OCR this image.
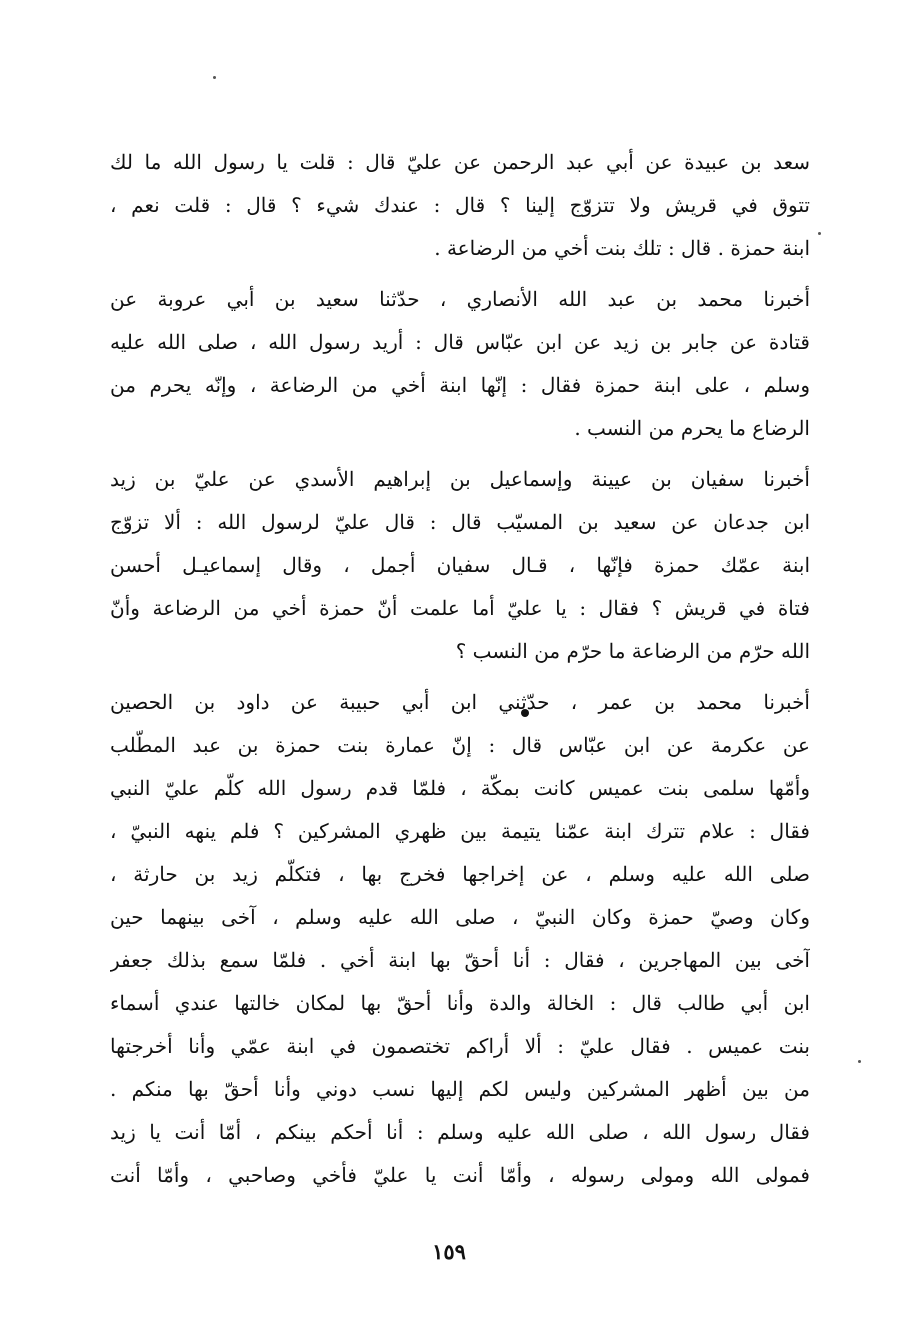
سعد بن عبيدة عن أبي عبد الرحمن عن عليّ قال : قلت يا رسول الله ما لك
تتوق في قريش ولا تتزوّج إلينا ؟ قال : عندك شيء ؟ قال : قلت نعم ،
ابنة حمزة . قال : تلك بنت أخي من الرضاعة .
أخبرنا محمد بن عبد الله الأنصاري ، حدّثنا سعيد بن أبي عروبة عن
قتادة عن جابر بن زيد عن ابن عبّاس قال : أريد رسول الله ، صلى الله عليه
وسلم ، على ابنة حمزة فقال : إنّها ابنة أخي من الرضاعة ، وإنّه يحرم من
الرضاع ما يحرم من النسب .
أخبرنا سفيان بن عيينة وإسماعيل بن إبراهيم الأسدي عن عليّ بن زيد
ابن جدعان عن سعيد بن المسيّب قال : قال عليّ لرسول الله : ألا تزوّج
ابنة عمّك حمزة فإنّها ، قـال سفيان أجمل ، وقال إسماعيـل أحسن
فتاة في قريش ؟ فقال : يا عليّ أما علمت أنّ حمزة أخي من الرضاعة وأنّ
الله حرّم من الرضاعة ما حرّم من النسب ؟
أخبرنا محمد بن عمر ، حدّثني ابن أبي حبيبة عن داود بن الحصين
عن عكرمة عن ابن عبّاس قال : إنّ عمارة بنت حمزة بن عبد المطّلب
وأمّها سلمى بنت عميس كانت بمكّة ، فلمّا قدم رسول الله كلّم عليّ النبي
فقال : علام تترك ابنة عمّنا يتيمة بين ظهري المشركين ؟ فلم ينهه النبيّ ،
صلى الله عليه وسلم ، عن إخراجها فخرج بها ، فتكلّم زيد بن حارثة ،
وكان وصيّ حمزة وكان النبيّ ، صلى الله عليه وسلم ، آخى بينهما حين
آخى بين المهاجرين ، فقال : أنا أحقّ بها ابنة أخي . فلمّا سمع بذلك جعفر
ابن أبي طالب قال : الخالة والدة وأنا أحقّ بها لمكان خالتها عندي أسماء
بنت عميس . فقال عليّ : ألا أراكم تختصمون في ابنة عمّي وأنا أخرجتها
من بين أظهر المشركين وليس لكم إليها نسب دوني وأنا أحقّ بها منكم .
فقال رسول الله ، صلى الله عليه وسلم : أنا أحكم بينكم ، أمّا أنت يا زيد
فمولى الله ومولى رسوله ، وأمّا أنت يا عليّ فأخي وصاحبي ، وأمّا أنت
١٥٩
